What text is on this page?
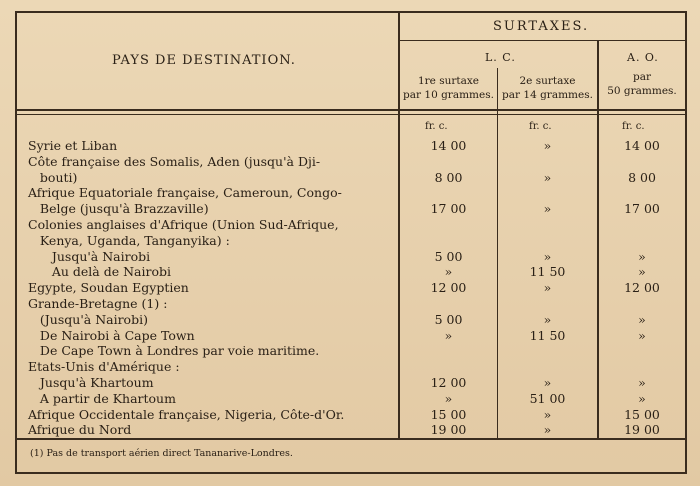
PAYS DE DESTINATION.
SURTAXES.
L. C.	A. O.
1re surtaxe
par 10 grammes.
2e surtaxe
par 14 grammes.
par
50 grammes.
fr. c.	fr. c.	fr. c.
Syrie et Liban	14 00	»	14 00
Côte française des Somalis, Aden (jusqu'à Dji-
bouti)	8 00	»	8 00
Afrique Equatoriale française, Cameroun, Congo-
Belge (jusqu'à Brazzaville)	17 00	»	17 00
Colonies anglaises d'Afrique (Union Sud-Afrique,
Kenya, Uganda, Tanganyika) :
Jusqu'à Nairobi	5 00	»	»
Au delà de Nairobi	»	11 50	»
Egypte, Soudan Egyptien	12 00	»	12 00
Grande-Bretagne (1) :
(Jusqu'à Nairobi)	5 00	»	»
De Nairobi à Cape Town	»	11 50	»
De Cape Town à Londres par voie maritime.
Etats-Unis d'Amérique :
Jusqu'à Khartoum	12 00	»	»
A partir de Khartoum	»	51 00	»
Afrique Occidentale française, Nigeria, Côte-d'Or.	15 00	»	15 00
Afrique du Nord	19 00	»	19 00
(1) Pas de transport aérien direct Tananarive-Londres.
